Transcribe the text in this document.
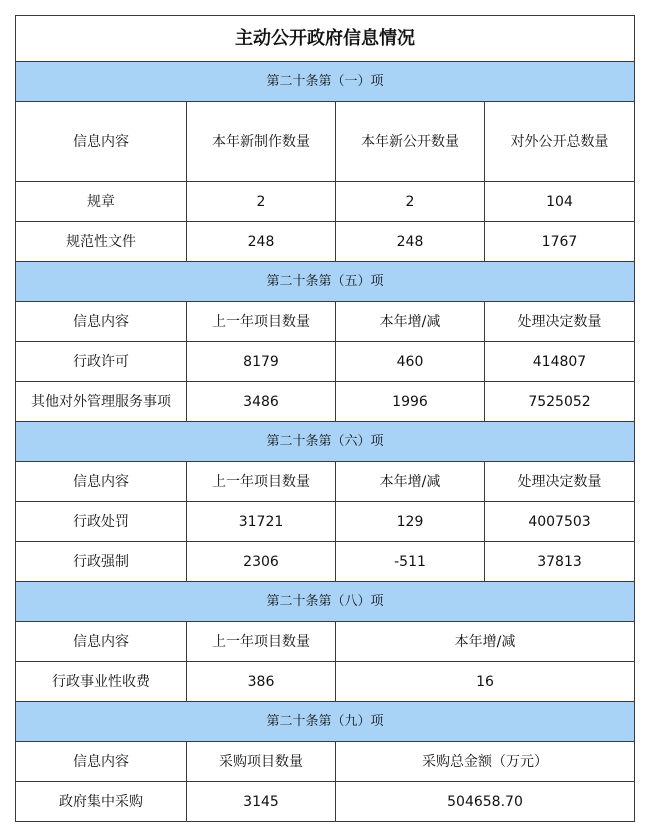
主动公开政府信息情况			
第二十条第（一）项			
信息内容	本年新制作数量	本年新公开数量	对外公开总数量
规章	2	2	104
规范性文件	248	248	1767
第二十条第（五）项			
信息内容	上一年项目数量	本年增/减	处理决定数量
行政许可	8179	460	414807
其他对外管理服务事项	3486	1996	7525052
第二十条第（六）项			
信息内容	上一年项目数量	本年增/减	处理决定数量
行政处罚	31721	129	4007503
行政强制	2306	-511	37813
第二十条第（八）项			
信息内容	上一年项目数量	本年增/减	
行政事业性收费	386	16	
第二十条第（九）项			
信息内容	采购项目数量	采购总金额（万元）	
政府集中采购	3145	504658.70	
